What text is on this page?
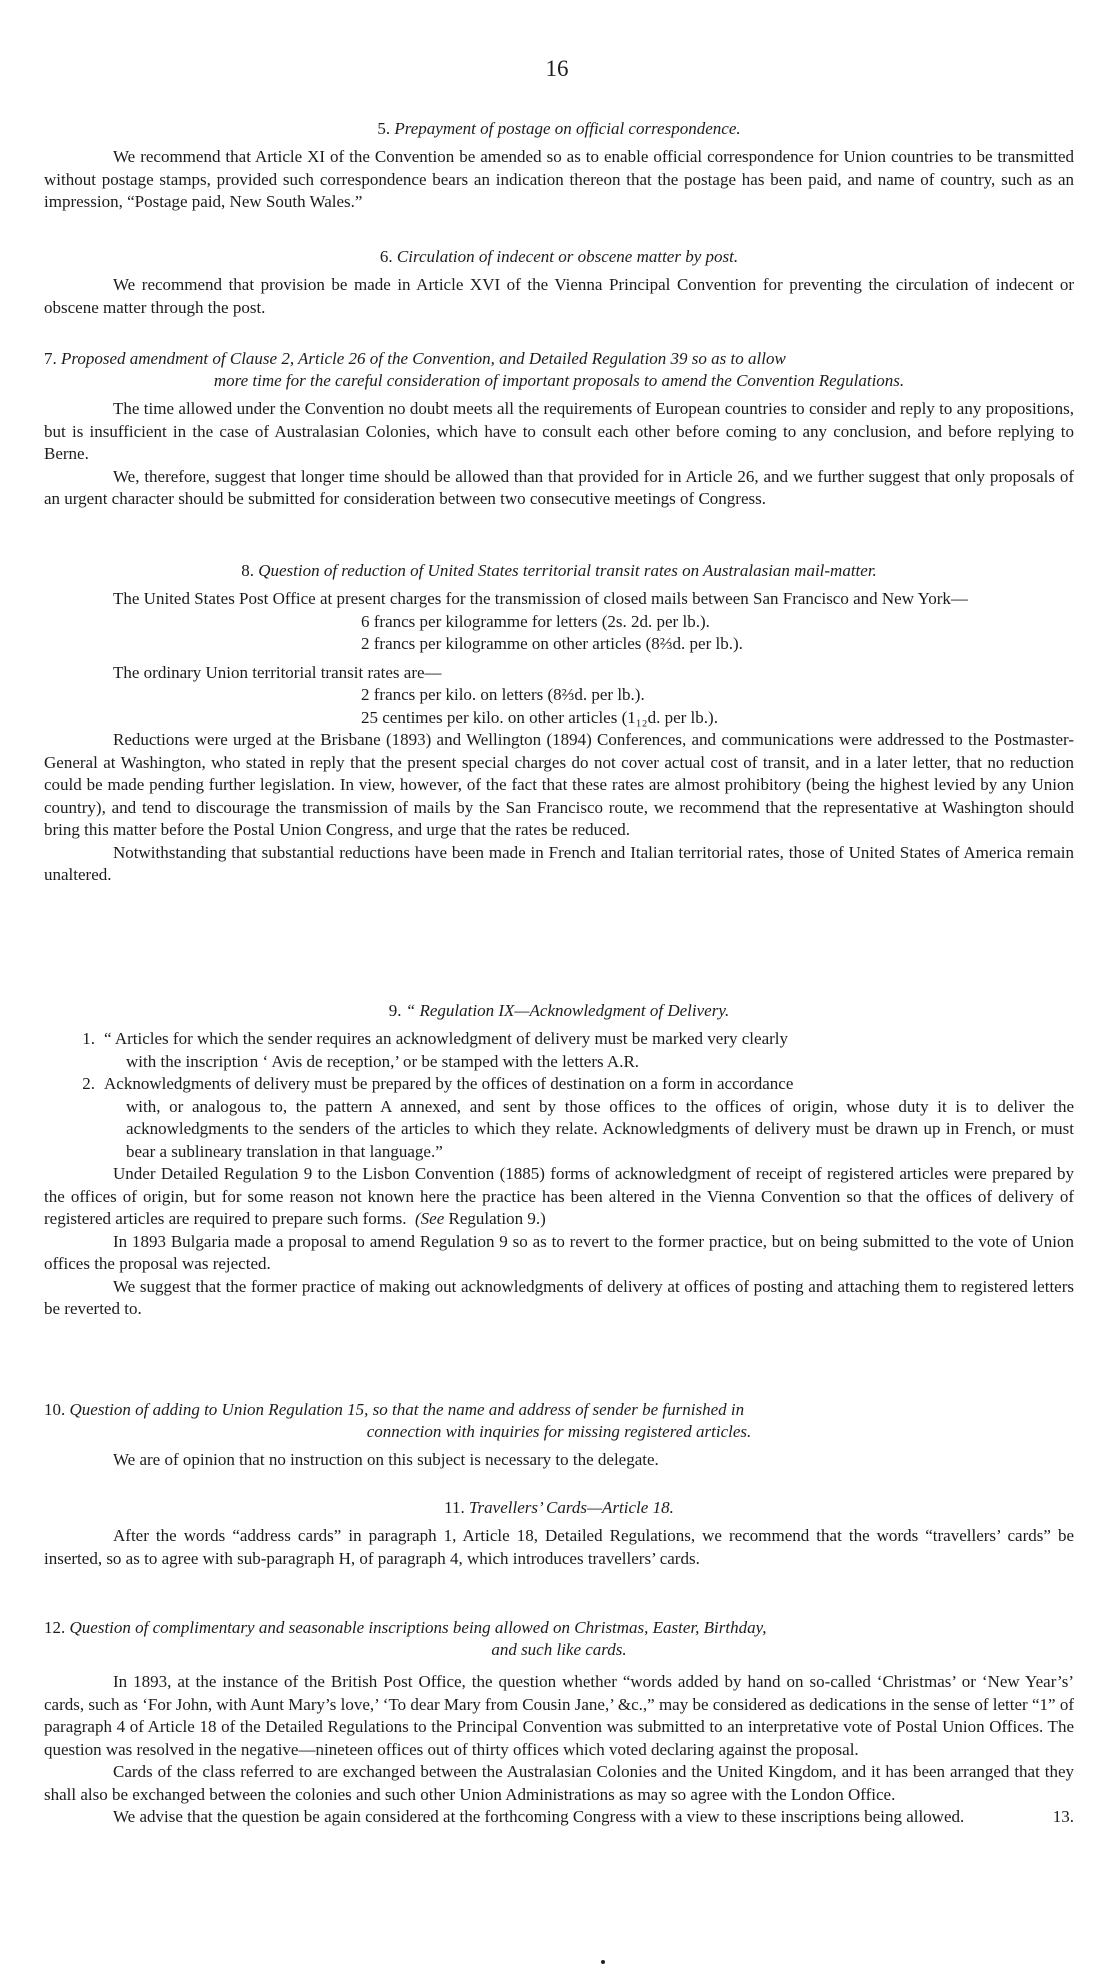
16
5. Prepayment of postage on official correspondence.

We recommend that Article XI of the Convention be amended so as to enable official correspondence for Union countries to be transmitted without postage stamps, provided such correspondence bears an indication thereon that the postage has been paid, and name of country, such as an impression, “Postage paid, New South Wales.”

6. Circulation of indecent or obscene matter by post.

We recommend that provision be made in Article XVI of the Vienna Principal Convention for preventing the circulation of indecent or obscene matter through the post.

7. Proposed amendment of Clause 2, Article 26 of the Convention, and Detailed Regulation 39 so as to allow
more time for the careful consideration of important proposals to amend the Convention Regulations.

The time allowed under the Convention no doubt meets all the requirements of European countries to consider and reply to any propositions, but is insufficient in the case of Australasian Colonies, which have to consult each other before coming to any conclusion, and before replying to Berne.

We, therefore, suggest that longer time should be allowed than that provided for in Article 26, and we further suggest that only proposals of an urgent character should be submitted for consideration between two consecutive meetings of Congress.

8. Question of reduction of United States territorial transit rates on Australasian mail-matter.

The United States Post Office at present charges for the transmission of closed mails between San Francisco and New York—

6 francs per kilogramme for letters (2s. 2d. per lb.).

2 francs per kilogramme on other articles (8⅔d. per lb.).

The ordinary Union territorial transit rates are—

2 francs per kilo. on letters (8⅔d. per lb.).

25 centimes per kilo. on other articles (1₁₂d. per lb.).

Reductions were urged at the Brisbane (1893) and Wellington (1894) Conferences, and communications were addressed to the Postmaster-General at Washington, who stated in reply that the present special charges do not cover actual cost of transit, and in a later letter, that no reduction could be made pending further legislation. In view, however, of the fact that these rates are almost prohibitory (being the highest levied by any Union country), and tend to discourage the transmission of mails by the San Francisco route, we recommend that the representative at Washington should bring this matter before the Postal Union Congress, and urge that the rates be reduced.

Notwithstanding that substantial reductions have been made in French and Italian territorial rates, those of United States of America remain unaltered.

9. “ Regulation IX—Acknowledgment of Delivery.
1. “ Articles for which the sender requires an acknowledgment of delivery must be marked very clearly
with the inscription ‘ Avis de reception,’ or be stamped with the letters A.R.
2. Acknowledgments of delivery must be prepared by the offices of destination on a form in accordance
with, or analogous to, the pattern A annexed, and sent by those offices to the offices of origin, whose duty it is to deliver the acknowledgments to the senders of the articles to which they relate. Acknowledgments of delivery must be drawn up in French, or must bear a sublineary translation in that language.”

Under Detailed Regulation 9 to the Lisbon Convention (1885) forms of acknowledgment of receipt of registered articles were prepared by the offices of origin, but for some reason not known here the practice has been altered in the Vienna Convention so that the offices of delivery of registered articles are required to prepare such forms. (See Regulation 9.)

In 1893 Bulgaria made a proposal to amend Regulation 9 so as to revert to the former practice, but on being submitted to the vote of Union offices the proposal was rejected.

We suggest that the former practice of making out acknowledgments of delivery at offices of posting and attaching them to registered letters be reverted to.

10. Question of adding to Union Regulation 15, so that the name and address of sender be furnished in
connection with inquiries for missing registered articles.

We are of opinion that no instruction on this subject is necessary to the delegate.

11. Travellers’ Cards—Article 18.

After the words “address cards” in paragraph 1, Article 18, Detailed Regulations, we recommend that the words “travellers’ cards” be inserted, so as to agree with sub-paragraph H, of paragraph 4, which introduces travellers’ cards.

12. Question of complimentary and seasonable inscriptions being allowed on Christmas, Easter, Birthday,
and such like cards.

In 1893, at the instance of the British Post Office, the question whether “words added by hand on so-called ‘Christmas’ or ‘New Year’s’ cards, such as ‘For John, with Aunt Mary’s love,’ ‘To dear Mary from Cousin Jane,’ &c.,” may be considered as dedications in the sense of letter “1” of paragraph 4 of Article 18 of the Detailed Regulations to the Principal Convention was submitted to an interpretative vote of Postal Union Offices. The question was resolved in the negative—nineteen offices out of thirty offices which voted declaring against the proposal.

Cards of the class referred to are exchanged between the Australasian Colonies and the United Kingdom, and it has been arranged that they shall also be exchanged between the colonies and such other Union Administrations as may so agree with the London Office.

We advise that the question be again considered at the forthcoming Congress with a view to these inscriptions being allowed.	13.
